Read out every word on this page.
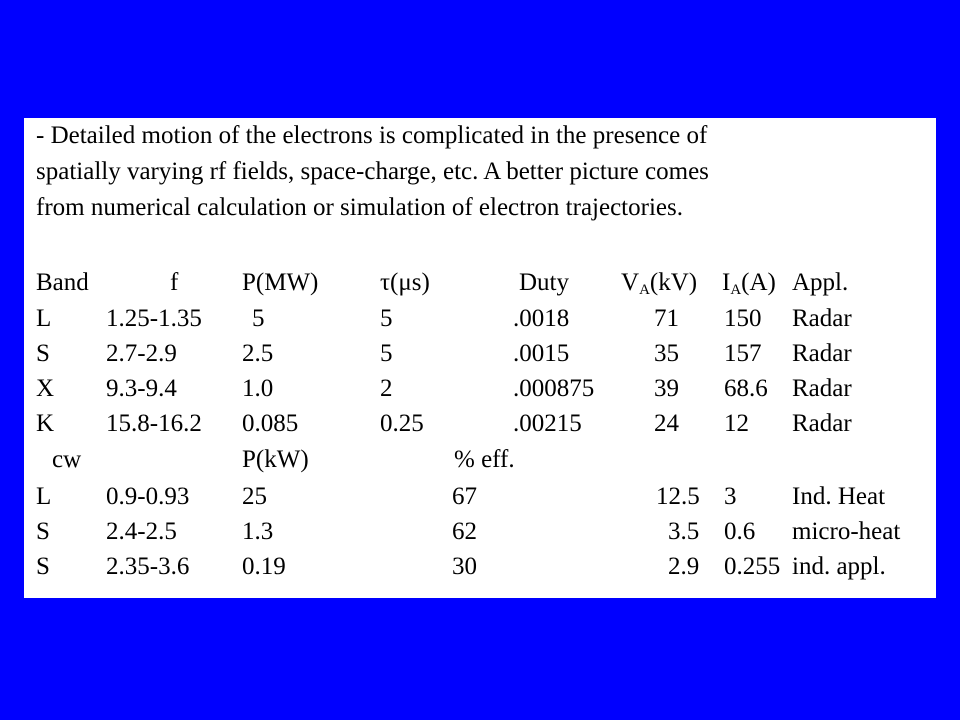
- Detailed motion of the electrons is complicated in the presence of
spatially varying rf fields, space-charge, etc. A better picture comes
from numerical calculation or simulation of electron trajectories.
Band	f	P(MW) τ(μs)	Duty $V_A(kV)$ $I_A(A)$ Appl.
L 1.25-1.35 5	5	.0018	71 150 Radar
S 2.7-2.9	2.5	5	.0015	35 157 Radar
X 9.3-9.4	1.0	2	.000875 39 68.6 Radar
K 15.8-16.2 0.085	0.25	.00215	24 12 Radar
cw	P(kW)	% eff.
L 0.9-0.93 25	67	12.5 3 Ind. Heat
S 2.4-2.5	1.3	62	3.5 0.6 micro-heat
S 2.35-3.6 0.19	30	2.9 0.255 ind. appl.
